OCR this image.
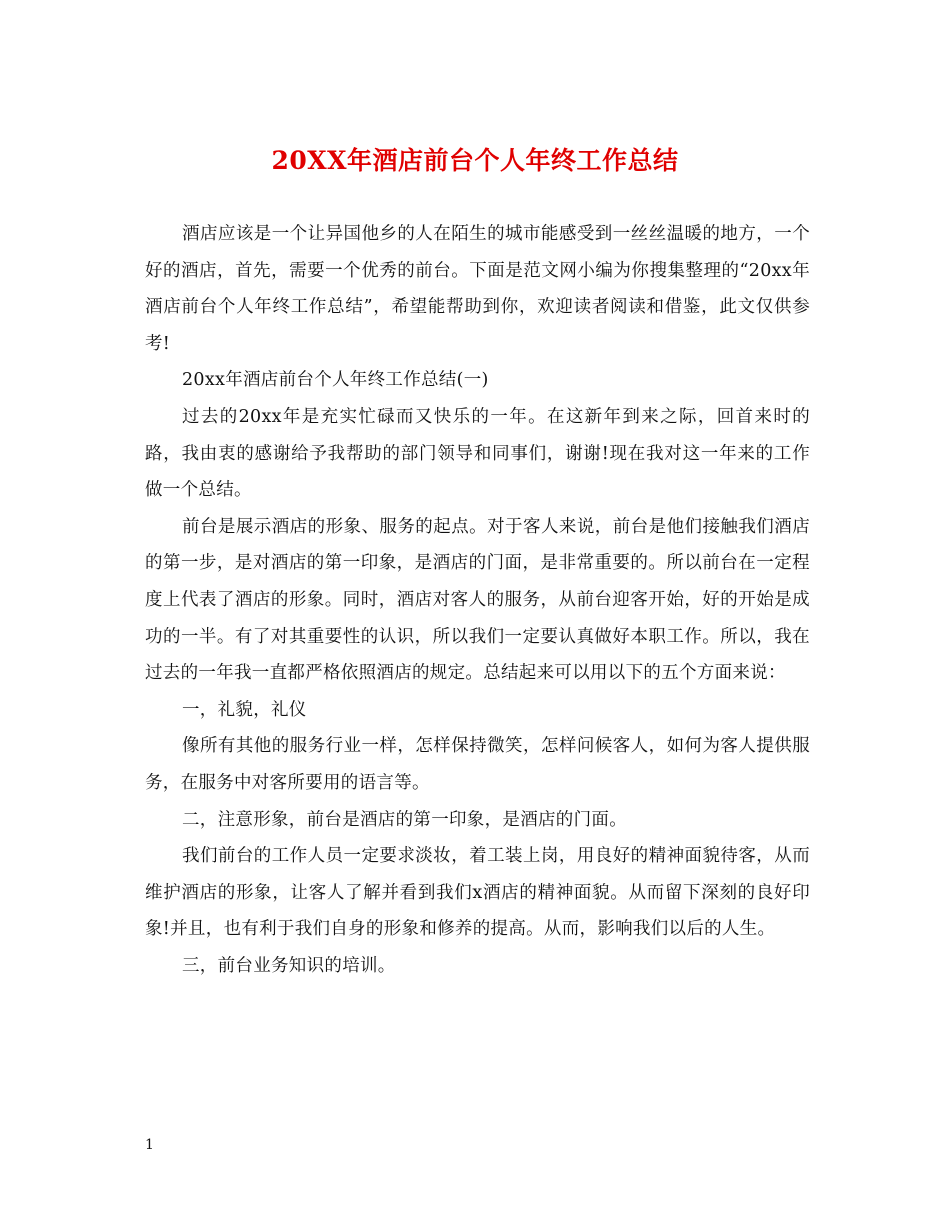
20XX年酒店前台个人年终工作总结

酒店应该是一个让异国他乡的人在陌生的城市能感受到一丝丝温暖的地方，一个好的酒店，首先，需要一个优秀的前台。下面是范文网小编为你搜集整理的“20xx年酒店前台个人年终工作总结”，希望能帮助到你，欢迎读者阅读和借鉴，此文仅供参考!

20xx年酒店前台个人年终工作总结(一)

过去的20xx年是充实忙碌而又快乐的一年。在这新年到来之际，回首来时的路，我由衷的感谢给予我帮助的部门领导和同事们，谢谢!现在我对这一年来的工作做一个总结。

前台是展示酒店的形象、服务的起点。对于客人来说，前台是他们接触我们酒店的第一步，是对酒店的第一印象，是酒店的门面，是非常重要的。所以前台在一定程度上代表了酒店的形象。同时，酒店对客人的服务，从前台迎客开始，好的开始是成功的一半。有了对其重要性的认识，所以我们一定要认真做好本职工作。所以，我在过去的一年我一直都严格依照酒店的规定。总结起来可以用以下的五个方面来说：

一，礼貌，礼仪

像所有其他的服务行业一样，怎样保持微笑，怎样问候客人，如何为客人提供服务，在服务中对客所要用的语言等。

二，注意形象，前台是酒店的第一印象，是酒店的门面。

我们前台的工作人员一定要求淡妆，着工装上岗，用良好的精神面貌待客，从而维护酒店的形象，让客人了解并看到我们x酒店的精神面貌。从而留下深刻的良好印象!并且，也有利于我们自身的形象和修养的提高。从而，影响我们以后的人生。

三，前台业务知识的培训。

1
